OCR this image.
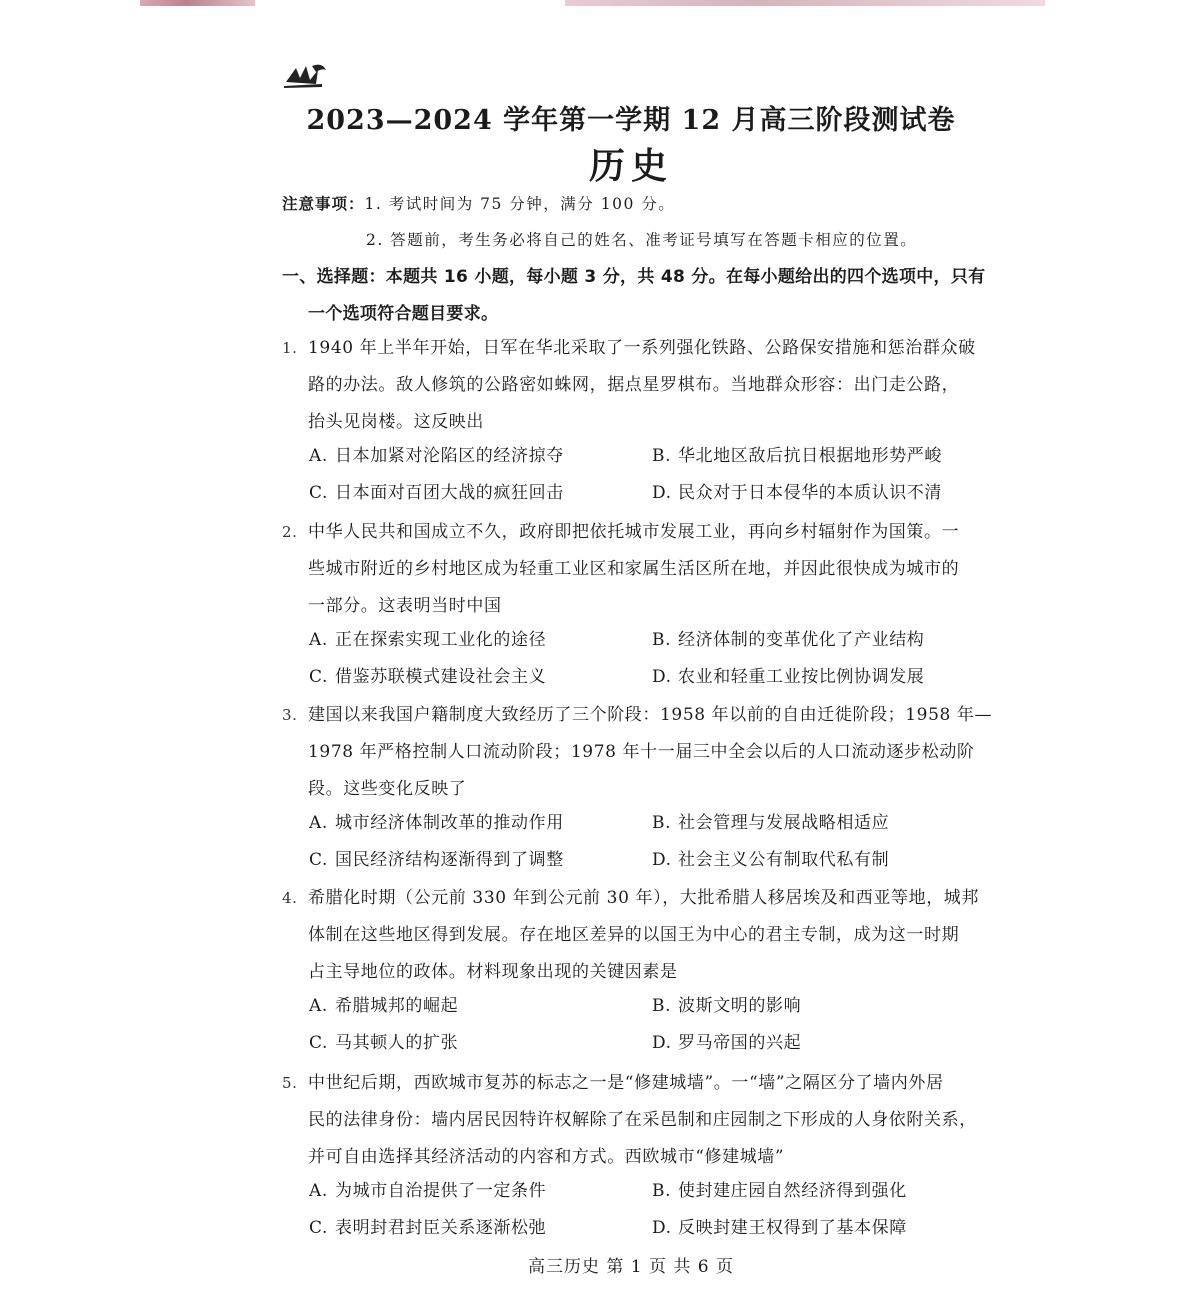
2023—2024 学年第一学期 12 月高三阶段测试卷
历史
注意事项：1. 考试时间为 75 分钟，满分 100 分。
2. 答题前，考生务必将自己的姓名、准考证号填写在答题卡相应的位置。
一、选择题：本题共 16 小题，每小题 3 分，共 48 分。在每小题给出的四个选项中，只有
一个选项符合题目要求。
1. 1940 年上半年开始，日军在华北采取了一系列强化铁路、公路保安措施和惩治群众破
路的办法。敌人修筑的公路密如蛛网，据点星罗棋布。当地群众形容：出门走公路，
抬头见岗楼。这反映出
A. 日本加紧对沦陷区的经济掠夺	B. 华北地区敌后抗日根据地形势严峻
C. 日本面对百团大战的疯狂回击	D. 民众对于日本侵华的本质认识不清
2. 中华人民共和国成立不久，政府即把依托城市发展工业，再向乡村辐射作为国策。一
些城市附近的乡村地区成为轻重工业区和家属生活区所在地，并因此很快成为城市的
一部分。这表明当时中国
A. 正在探索实现工业化的途径	B. 经济体制的变革优化了产业结构
C. 借鉴苏联模式建设社会主义	D. 农业和轻重工业按比例协调发展
3. 建国以来我国户籍制度大致经历了三个阶段：1958 年以前的自由迁徙阶段；1958 年—
1978 年严格控制人口流动阶段；1978 年十一届三中全会以后的人口流动逐步松动阶
段。这些变化反映了
A. 城市经济体制改革的推动作用	B. 社会管理与发展战略相适应
C. 国民经济结构逐渐得到了调整	D. 社会主义公有制取代私有制
4. 希腊化时期（公元前 330 年到公元前 30 年），大批希腊人移居埃及和西亚等地，城邦
体制在这些地区得到发展。存在地区差异的以国王为中心的君主专制，成为这一时期
占主导地位的政体。材料现象出现的关键因素是
A. 希腊城邦的崛起	B. 波斯文明的影响
C. 马其顿人的扩张	D. 罗马帝国的兴起
5. 中世纪后期，西欧城市复苏的标志之一是“修建城墙”。一“墙”之隔区分了墙内外居
民的法律身份：墙内居民因特许权解除了在采邑制和庄园制之下形成的人身依附关系，
并可自由选择其经济活动的内容和方式。西欧城市“修建城墙”
A. 为城市自治提供了一定条件	B. 使封建庄园自然经济得到强化
C. 表明封君封臣关系逐渐松弛	D. 反映封建王权得到了基本保障
高三历史 第 1 页 共 6 页
